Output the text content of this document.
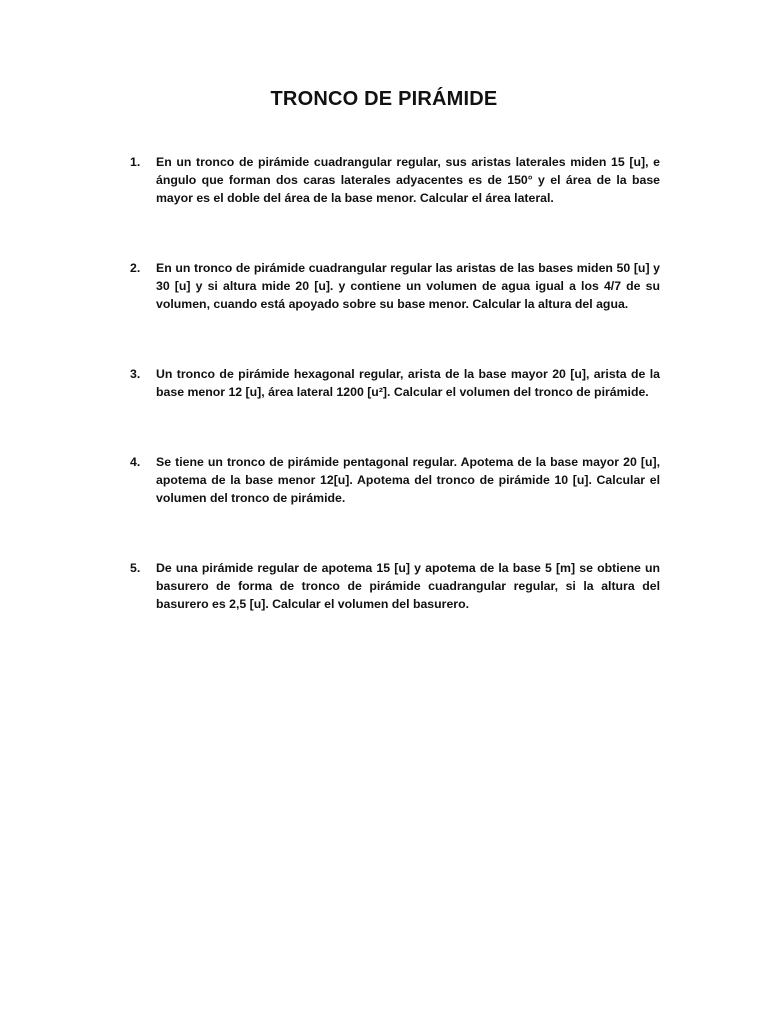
TRONCO DE PIRÁMIDE
1. En un tronco de pirámide cuadrangular regular, sus aristas laterales miden 15 [u], e ángulo que forman dos caras laterales adyacentes es de 150° y el área de la base mayor es el doble del área de la base menor. Calcular el área lateral.
2. En un tronco de pirámide cuadrangular regular las aristas de las bases miden 50 [u] y 30 [u] y si altura mide 20 [u]. y contiene un volumen de agua igual a los 4/7 de su volumen, cuando está apoyado sobre su base menor. Calcular la altura del agua.
3. Un tronco de pirámide hexagonal regular, arista de la base mayor 20 [u], arista de la base menor 12 [u], área lateral 1200 [u²]. Calcular el volumen del tronco de pirámide.
4. Se tiene un tronco de pirámide pentagonal regular. Apotema de la base mayor 20 [u], apotema de la base menor 12[u]. Apotema del tronco de pirámide 10 [u]. Calcular el volumen del tronco de pirámide.
5. De una pirámide regular de apotema 15 [u] y apotema de la base 5 [m] se obtiene un basurero de forma de tronco de pirámide cuadrangular regular, si la altura del basurero es 2,5 [u]. Calcular el volumen del basurero.
